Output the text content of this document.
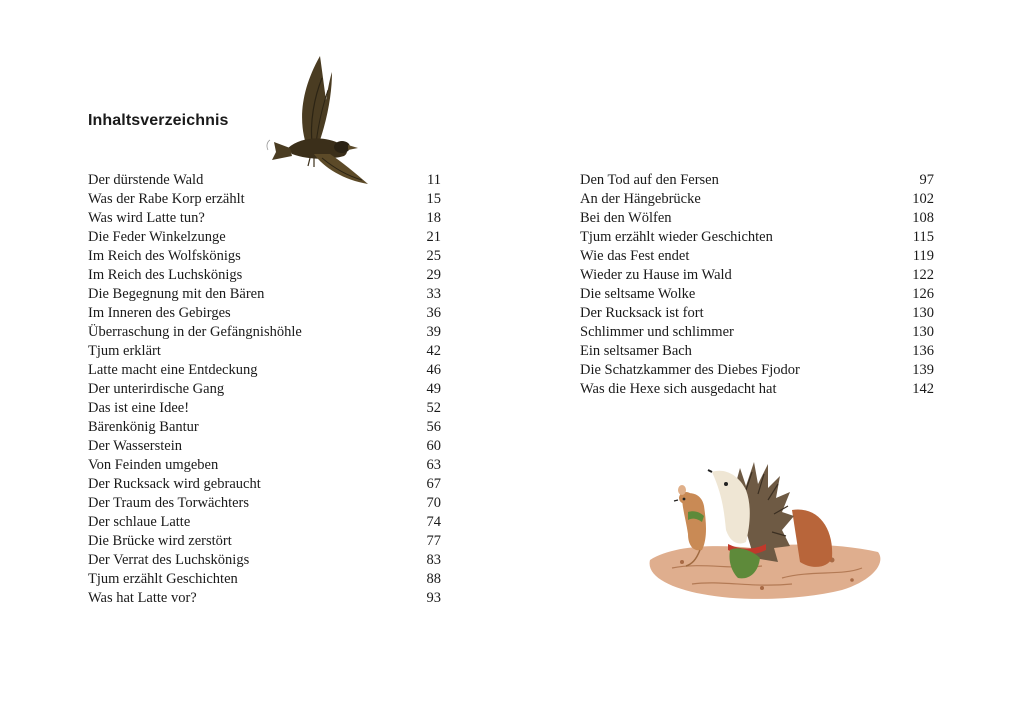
Inhaltsverzeichnis
Der dürstende Wald	11
Was der Rabe Korp erzählt	15
Was wird Latte tun?	18
Die Feder Winkelzunge	21
Im Reich des Wolfskönigs	25
Im Reich des Luchskönigs	29
Die Begegnung mit den Bären	33
Im Inneren des Gebirges	36
Überraschung in der Gefängnishöhle	39
Tjum erklärt	42
Latte macht eine Entdeckung	46
Der unterirdische Gang	49
Das ist eine Idee!	52
Bärenkönig Bantur	56
Der Wasserstein	60
Von Feinden umgeben	63
Der Rucksack wird gebraucht	67
Der Traum des Torwächters	70
Der schlaue Latte	74
Die Brücke wird zerstört	77
Der Verrat des Luchskönigs	83
Tjum erzählt Geschichten	88
Was hat Latte vor?	93
Den Tod auf den Fersen	97
An der Hängebrücke	102
Bei den Wölfen	108
Tjum erzählt wieder Geschichten	115
Wie das Fest endet	119
Wieder zu Hause im Wald	122
Die seltsame Wolke	126
Der Rucksack ist fort	130
Schlimmer und schlimmer	130
Ein seltsamer Bach	136
Die Schatzkammer des Diebes Fjodor	139
Was die Hexe sich ausgedacht hat	142
